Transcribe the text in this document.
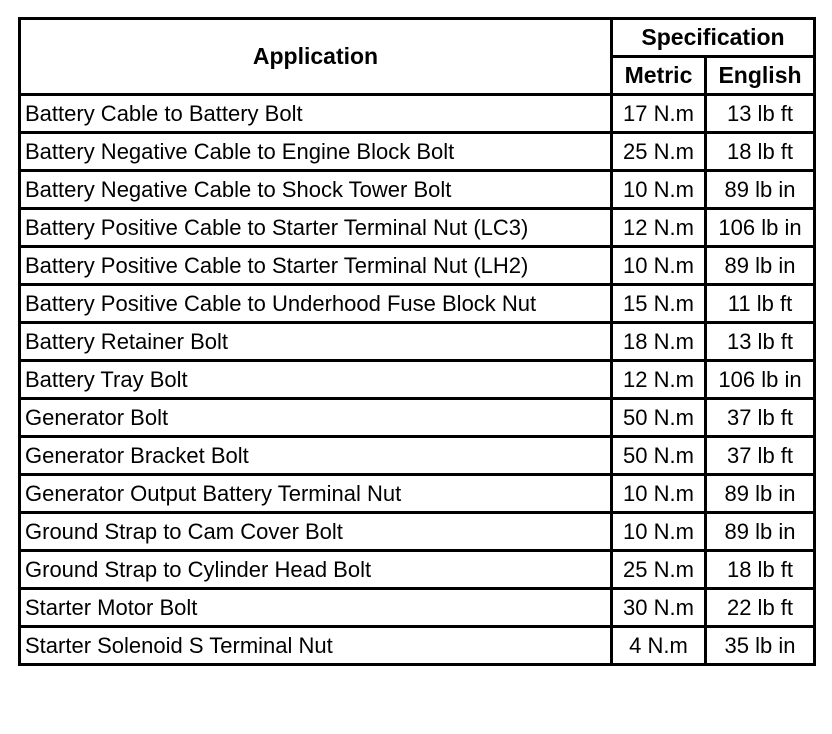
Application	Specification	
	Metric	English
Battery Cable to Battery Bolt	17 N.m	13 lb ft
Battery Negative Cable to Engine Block Bolt	25 N.m	18 lb ft
Battery Negative Cable to Shock Tower Bolt	10 N.m	89 lb in
Battery Positive Cable to Starter Terminal Nut (LC3)	12 N.m	106 lb in
Battery Positive Cable to Starter Terminal Nut (LH2)	10 N.m	89 lb in
Battery Positive Cable to Underhood Fuse Block Nut	15 N.m	11 lb ft
Battery Retainer Bolt	18 N.m	13 lb ft
Battery Tray Bolt	12 N.m	106 lb in
Generator Bolt	50 N.m	37 lb ft
Generator Bracket Bolt	50 N.m	37 lb ft
Generator Output Battery Terminal Nut	10 N.m	89 lb in
Ground Strap to Cam Cover Bolt	10 N.m	89 lb in
Ground Strap to Cylinder Head Bolt	25 N.m	18 lb ft
Starter Motor Bolt	30 N.m	22 lb ft
Starter Solenoid S Terminal Nut	4 N.m	35 lb in
